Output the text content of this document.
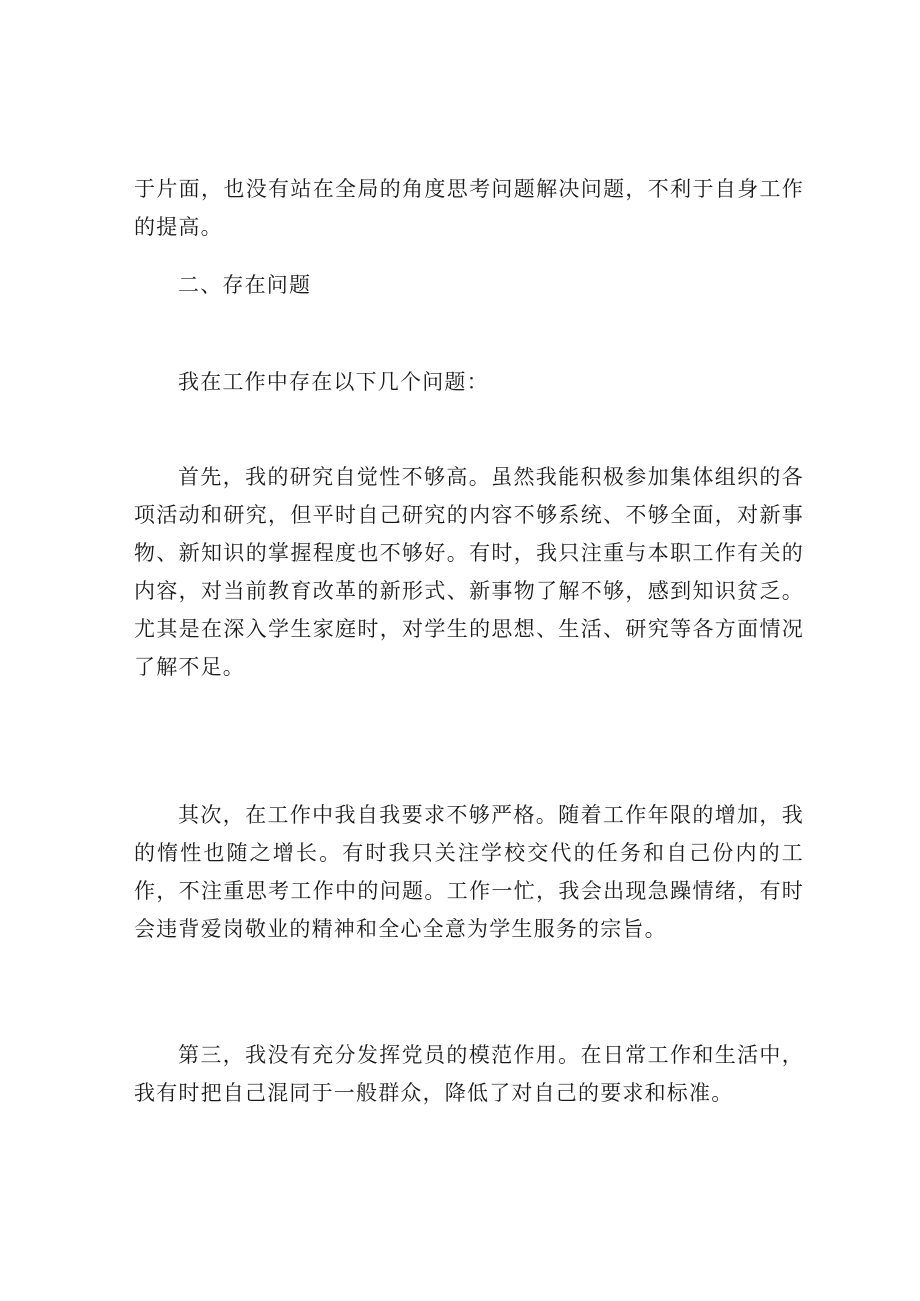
于片面，也没有站在全局的角度思考问题解决问题，不利于自身工作的提高。

二、存在问题

我在工作中存在以下几个问题：

首先，我的研究自觉性不够高。虽然我能积极参加集体组织的各项活动和研究，但平时自己研究的内容不够系统、不够全面，对新事物、新知识的掌握程度也不够好。有时，我只注重与本职工作有关的内容，对当前教育改革的新形式、新事物了解不够，感到知识贫乏。尤其是在深入学生家庭时，对学生的思想、生活、研究等各方面情况了解不足。

其次，在工作中我自我要求不够严格。随着工作年限的增加，我的惰性也随之增长。有时我只关注学校交代的任务和自己份内的工作，不注重思考工作中的问题。工作一忙，我会出现急躁情绪，有时会违背爱岗敬业的精神和全心全意为学生服务的宗旨。

第三，我没有充分发挥党员的模范作用。在日常工作和生活中，我有时把自己混同于一般群众，降低了对自己的要求和标准。
